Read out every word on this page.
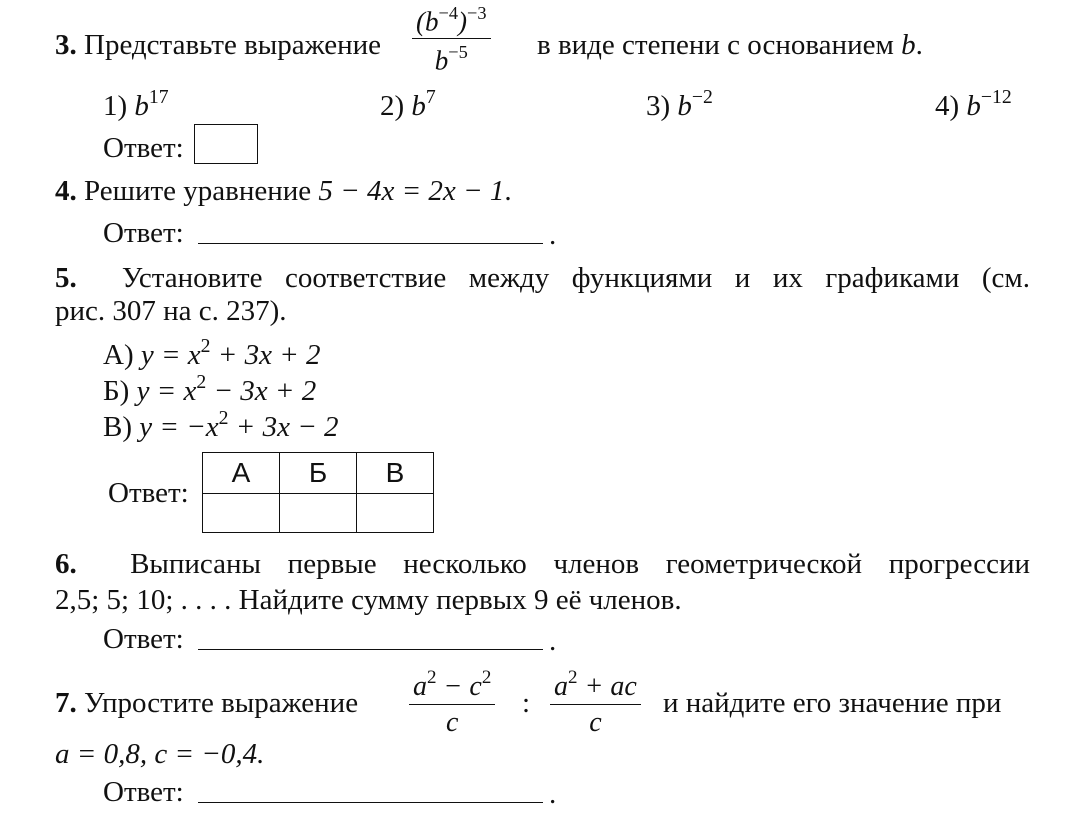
3. Представьте выражение $\frac{(b^{-4})^{-3}}{b^{-5}}$ в виде степени с основанием b.
1) $b^{17}$	2) $b^7$	3) $b^{-2}$	4) $b^{-12}$
Ответ:
4. Решите уравнение 5 − 4x = 2x − 1.
Ответ:	.
5. Установите соответствие между функциями и их графиками (см.
рис. 307 на с. 237).
А) $y = x^2 + 3x + 2$
Б) $y = x^2 - 3x + 2$
В) $y = -x^2 + 3x - 2$
Ответ:
А	Б	В

6. Выписаны первые несколько членов геометрической прогрессии
2,5; 5; 10; . . . . Найдите сумму первых 9 её членов.
Ответ:	.
7. Упростите выражение $\frac{a^2 - c^2}{c}$ : $\frac{a^2 + ac}{c}$ и найдите его значение при
a = 0,8, c = −0,4.
Ответ:	.
